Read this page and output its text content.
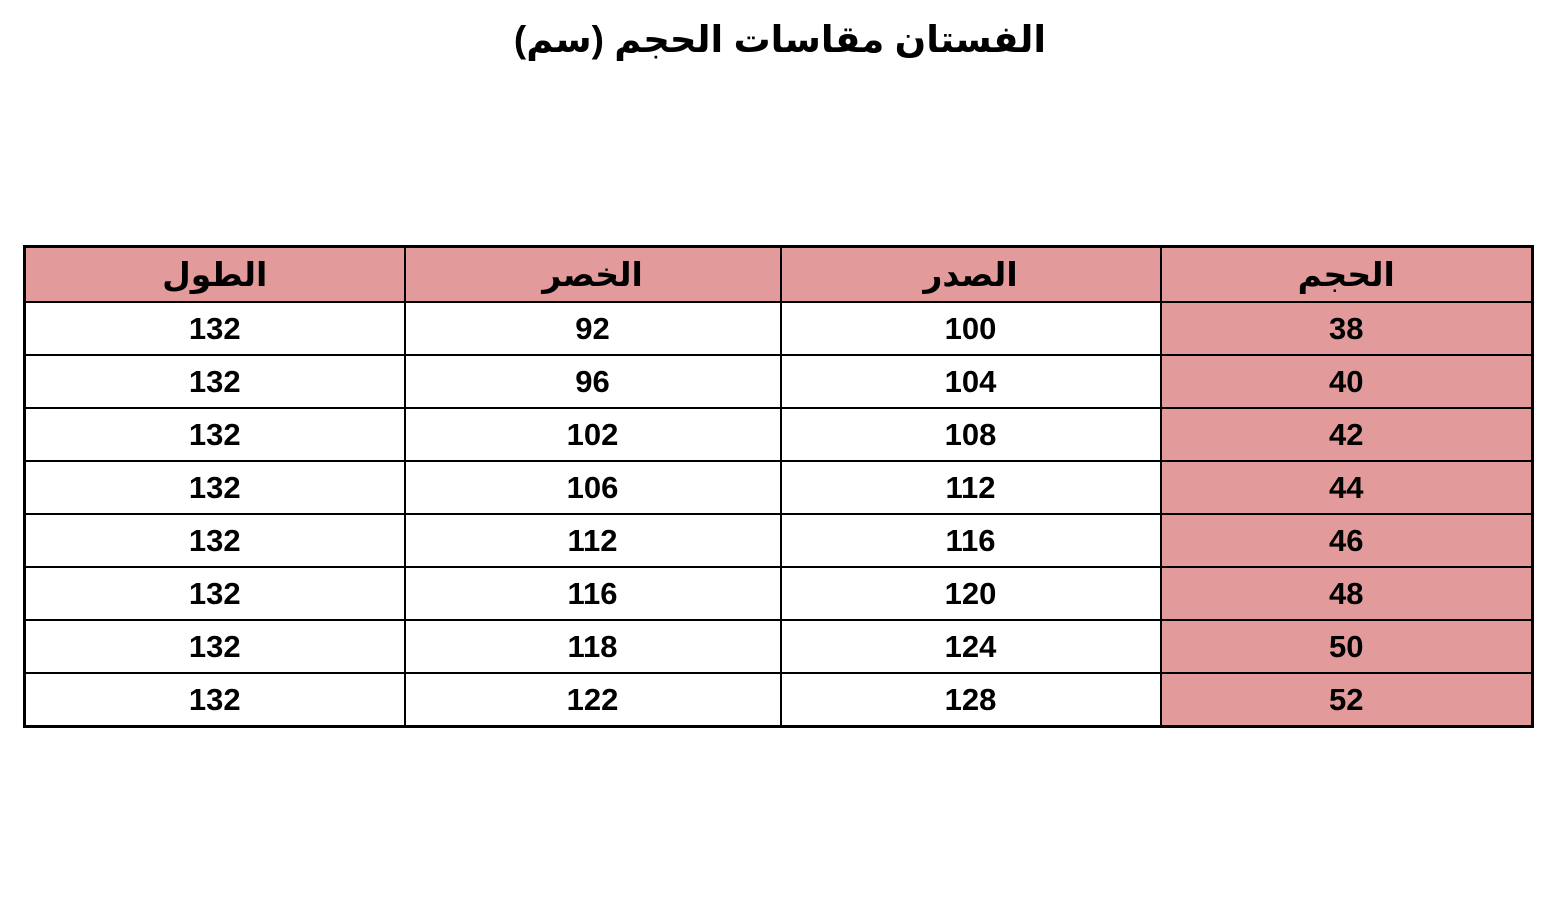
الفستان مقاسات الحجم (سم)
الحجم	الصدر	الخصر	الطول
38	100	92	132
40	104	96	132
42	108	102	132
44	112	106	132
46	116	112	132
48	120	116	132
50	124	118	132
52	128	122	132
